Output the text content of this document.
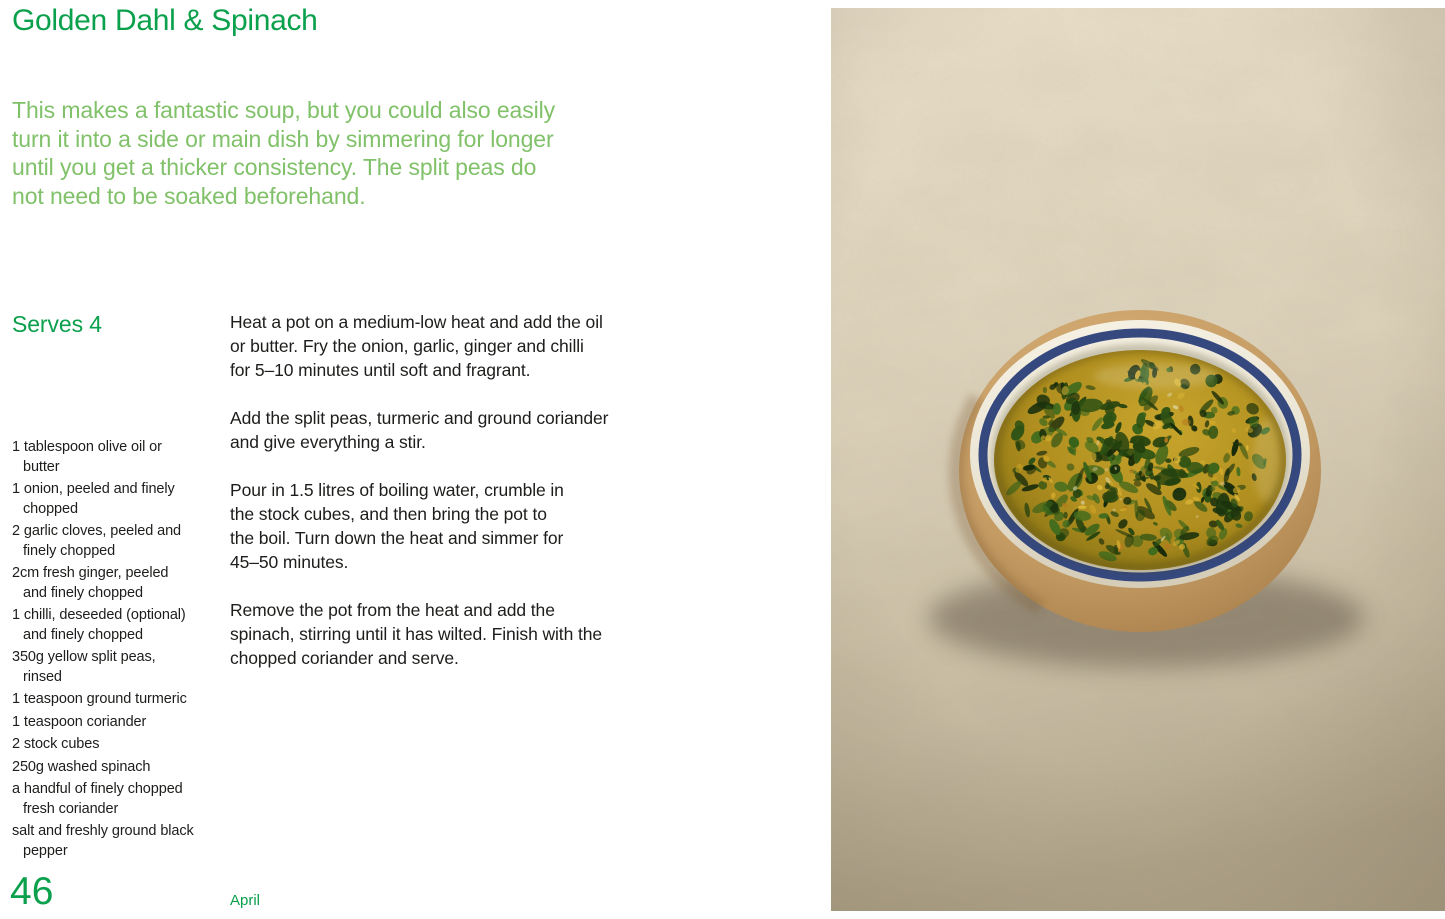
Golden Dahl & Spinach

This makes a fantastic soup, but you could also easily
turn it into a side or main dish by simmering for longer
until you get a thicker consistency. The split peas do
not need to be soaked beforehand.

Serves 4
1 tablespoon olive oil or
butter
1 onion, peeled and finely
chopped
2 garlic cloves, peeled and
finely chopped
2cm fresh ginger, peeled
and finely chopped
1 chilli, deseeded (optional)
and finely chopped
350g yellow split peas,
rinsed
1 teaspoon ground turmeric
1 teaspoon coriander
2 stock cubes
250g washed spinach
a handful of finely chopped
fresh coriander
salt and freshly ground black
pepper

Heat a pot on a medium-low heat and add the oil
or butter. Fry the onion, garlic, ginger and chilli
for 5–10 minutes until soft and fragrant.

Add the split peas, turmeric and ground coriander
and give everything a stir.

Pour in 1.5 litres of boiling water, crumble in
the stock cubes, and then bring the pot to
the boil. Turn down the heat and simmer for
45–50 minutes.

Remove the pot from the heat and add the
spinach, stirring until it has wilted. Finish with the
chopped coriander and serve.

46	April
